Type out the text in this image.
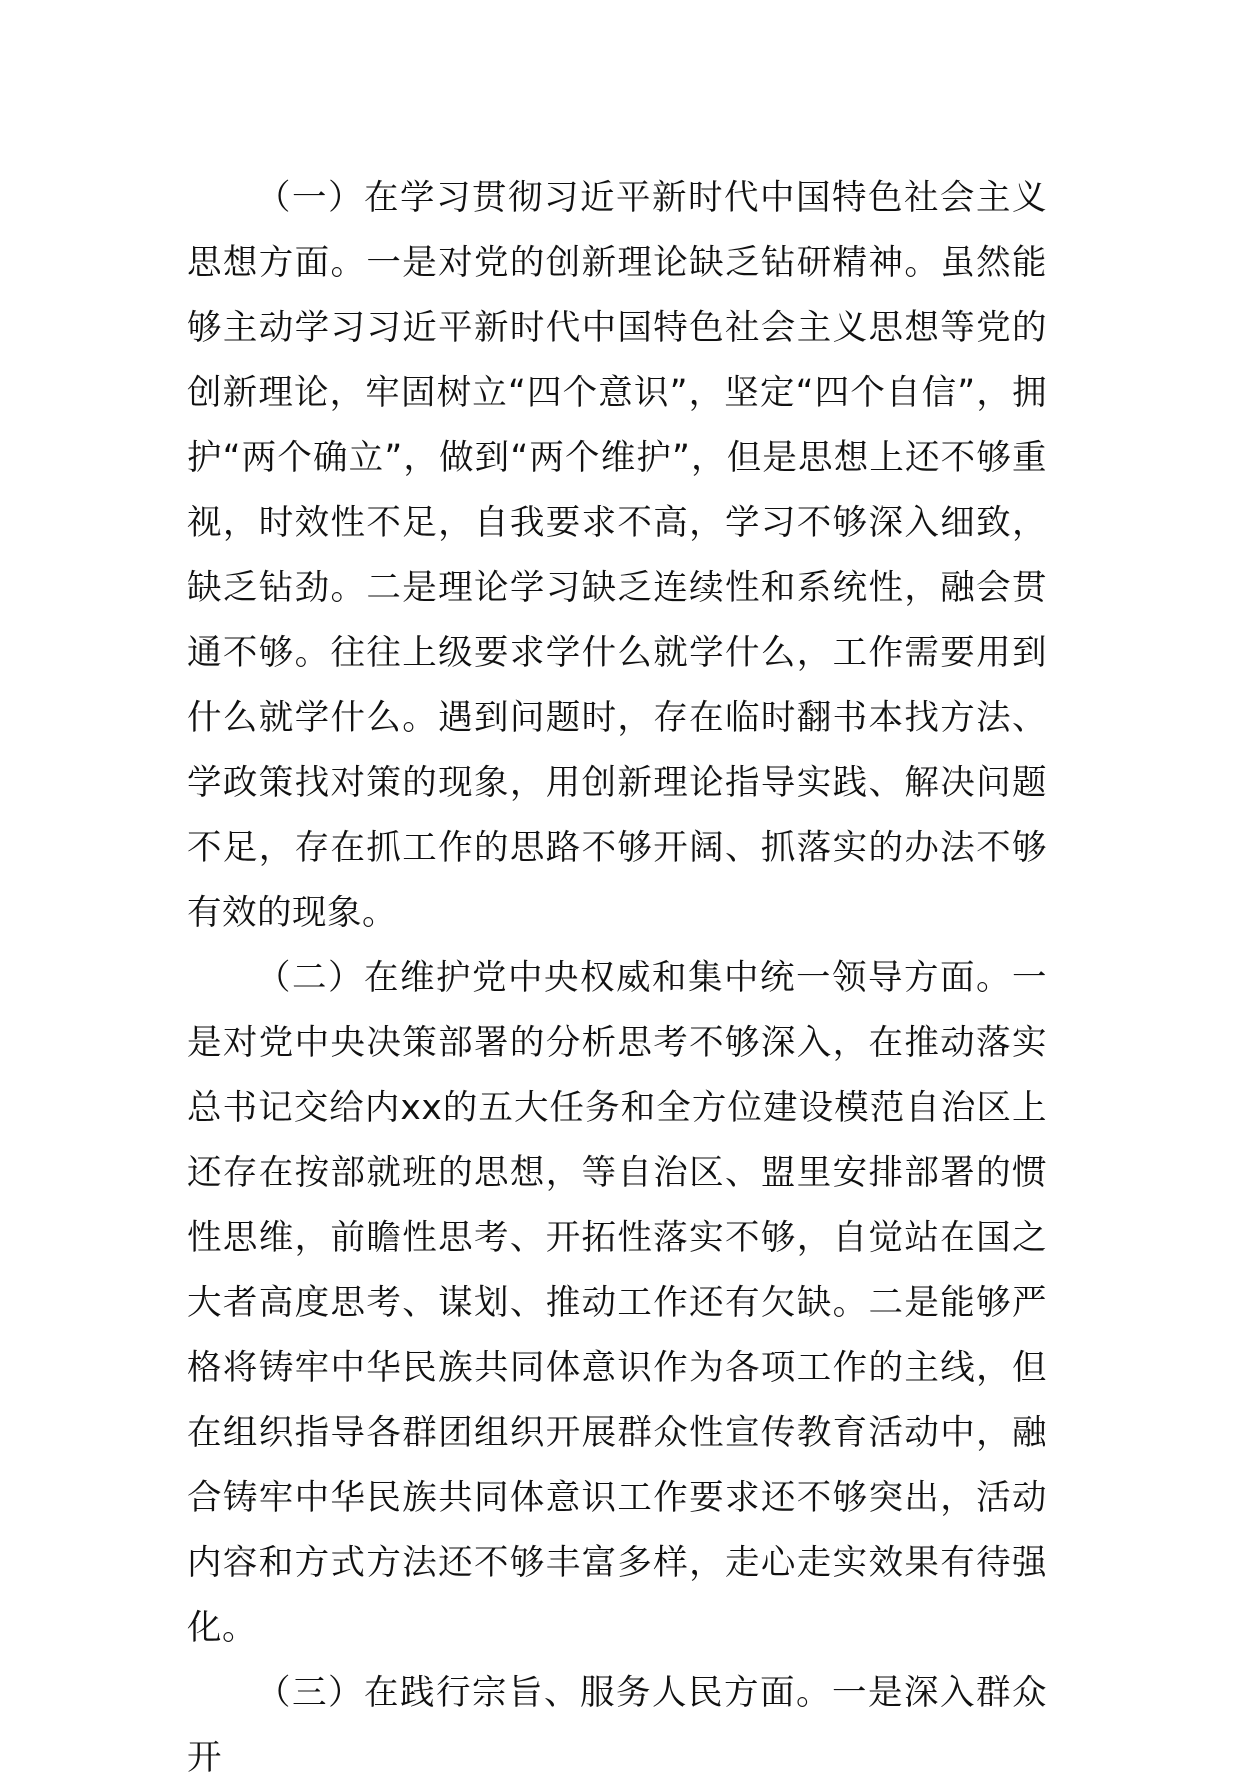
（一）在学习贯彻习近平新时代中国特色社会主义思想方面。一是对党的创新理论缺乏钻研精神。虽然能够主动学习习近平新时代中国特色社会主义思想等党的创新理论，牢固树立“四个意识”，坚定“四个自信”，拥护“两个确立”，做到“两个维护”，但是思想上还不够重视，时效性不足，自我要求不高，学习不够深入细致，缺乏钻劲。二是理论学习缺乏连续性和系统性，融会贯通不够。往往上级要求学什么就学什么，工作需要用到什么就学什么。遇到问题时，存在临时翻书本找方法、学政策找对策的现象，用创新理论指导实践、解决问题不足，存在抓工作的思路不够开阔、抓落实的办法不够有效的现象。

（二）在维护党中央权威和集中统一领导方面。一是对党中央决策部署的分析思考不够深入，在推动落实总书记交给内xx的五大任务和全方位建设模范自治区上还存在按部就班的思想，等自治区、盟里安排部署的惯性思维，前瞻性思考、开拓性落实不够，自觉站在国之大者高度思考、谋划、推动工作还有欠缺。二是能够严格将铸牢中华民族共同体意识作为各项工作的主线，但在组织指导各群团组织开展群众性宣传教育活动中，融合铸牢中华民族共同体意识工作要求还不够突出，活动内容和方式方法还不够丰富多样，走心走实效果有待强化。

（三）在践行宗旨、服务人民方面。一是深入群众开
